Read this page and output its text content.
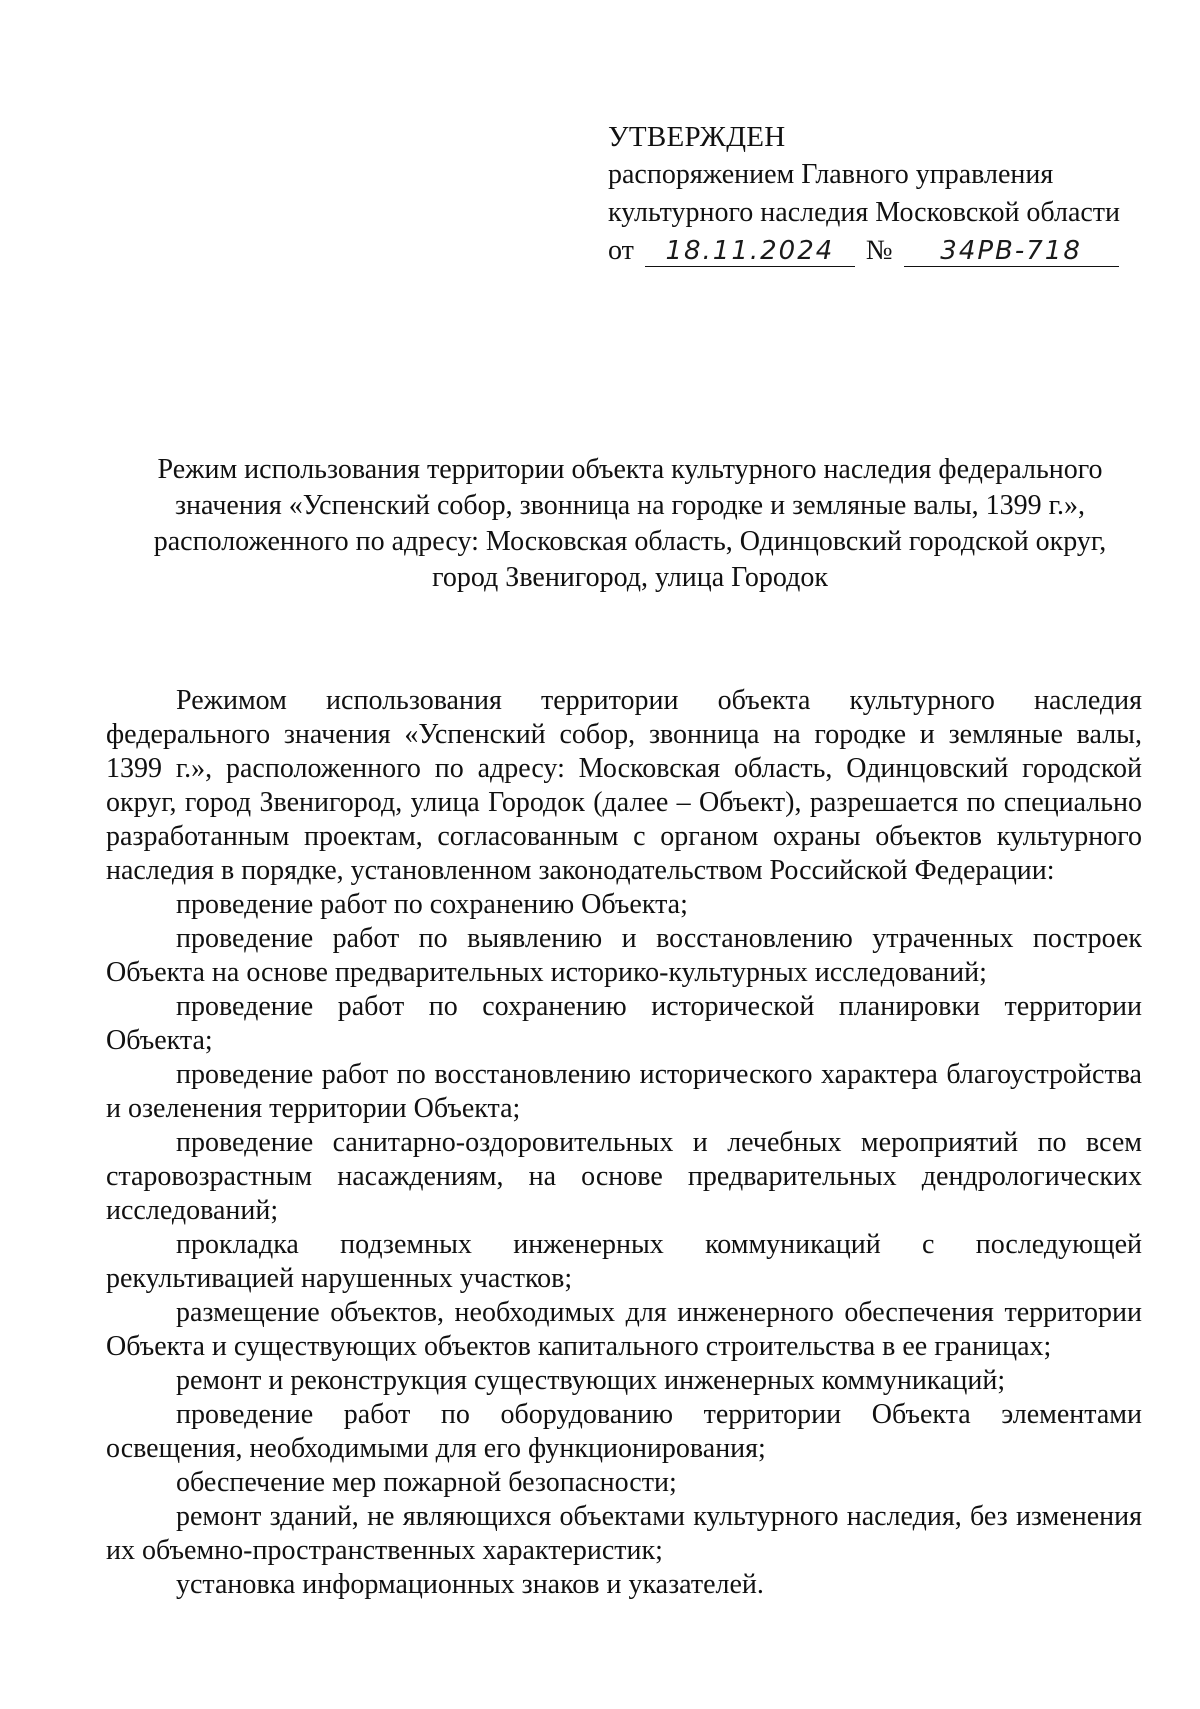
УТВЕРЖДЕН
распоряжением Главного управления
культурного наследия Московской области
от 18.11.2024 № 34РВ-718
Режим использования территории объекта культурного наследия федерального
значения «Успенский собор, звонница на городке и земляные валы, 1399 г.»,
расположенного по адресу: Московская область, Одинцовский городской округ,
город Звенигород, улица Городок

Режимом использования территории объекта культурного наследия федерального значения «Успенский собор, звонница на городке и земляные валы, 1399 г.», расположенного по адресу: Московская область, Одинцовский городской округ, город Звенигород, улица Городок (далее – Объект), разрешается по специально разработанным проектам, согласованным с органом охраны объектов культурного наследия в порядке, установленном законодательством Российской Федерации:

проведение работ по сохранению Объекта;

проведение работ по выявлению и восстановлению утраченных построек Объекта на основе предварительных историко-культурных исследований;

проведение работ по сохранению исторической планировки территории Объекта;

проведение работ по восстановлению исторического характера благоустройства и озеленения территории Объекта;

проведение санитарно-оздоровительных и лечебных мероприятий по всем старовозрастным насаждениям, на основе предварительных дендрологических исследований;

прокладка подземных инженерных коммуникаций с последующей рекультивацией нарушенных участков;

размещение объектов, необходимых для инженерного обеспечения территории Объекта и существующих объектов капитального строительства в ее границах;

ремонт и реконструкция существующих инженерных коммуникаций;

проведение работ по оборудованию территории Объекта элементами освещения, необходимыми для его функционирования;

обеспечение мер пожарной безопасности;

ремонт зданий, не являющихся объектами культурного наследия, без изменения их объемно-пространственных характеристик;

установка информационных знаков и указателей.
